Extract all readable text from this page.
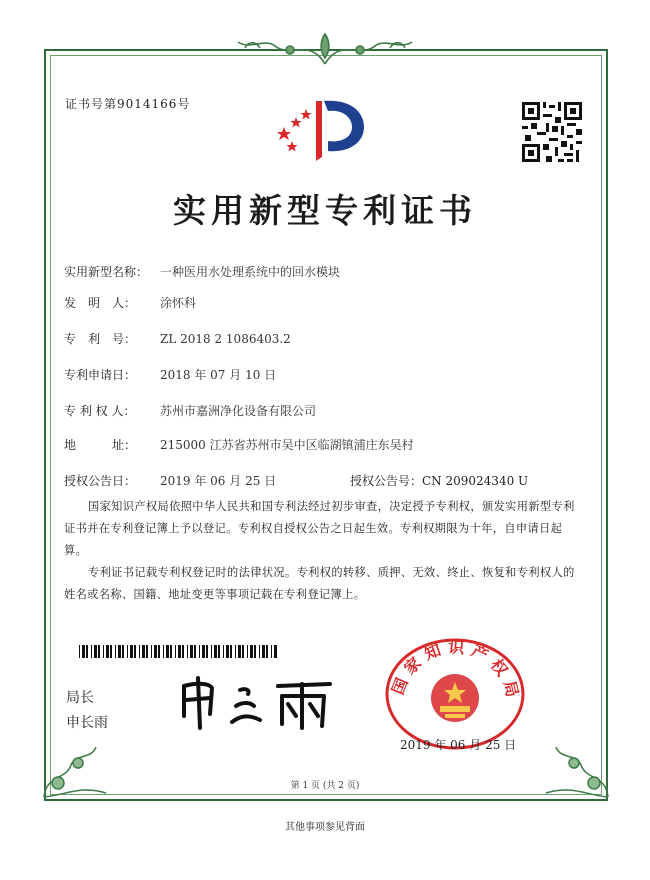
证书号第9014166号
实用新型专利证书
实用新型名称： 一种医用水处理系统中的回水模块
发　明　人： 涂怀科
专　利　号： ZL 2018 2 1086403.2
专利申请日： 2018 年 07 月 10 日
专 利 权 人： 苏州市嘉洲净化设备有限公司
地　　　址： 215000 江苏省苏州市吴中区临湖镇浦庄东吴村
授权公告日： 2019 年 06 月 25 日	授权公告号：CN 209024340 U
国家知识产权局依照中华人民共和国专利法经过初步审查，决定授予专利权，颁发实用新型专利证书并在专利登记簿上予以登记。专利权自授权公告之日起生效。专利权期限为十年，自申请日起算。
专利证书记载专利权登记时的法律状况。专利权的转移、质押、无效、终止、恢复和专利权人的姓名或名称、国籍、地址变更等事项记载在专利登记簿上。
局长
申长雨
国家知识产权局
2019 年 06 月 25 日
第 1 页 (共 2 页)
其他事项参见背面
